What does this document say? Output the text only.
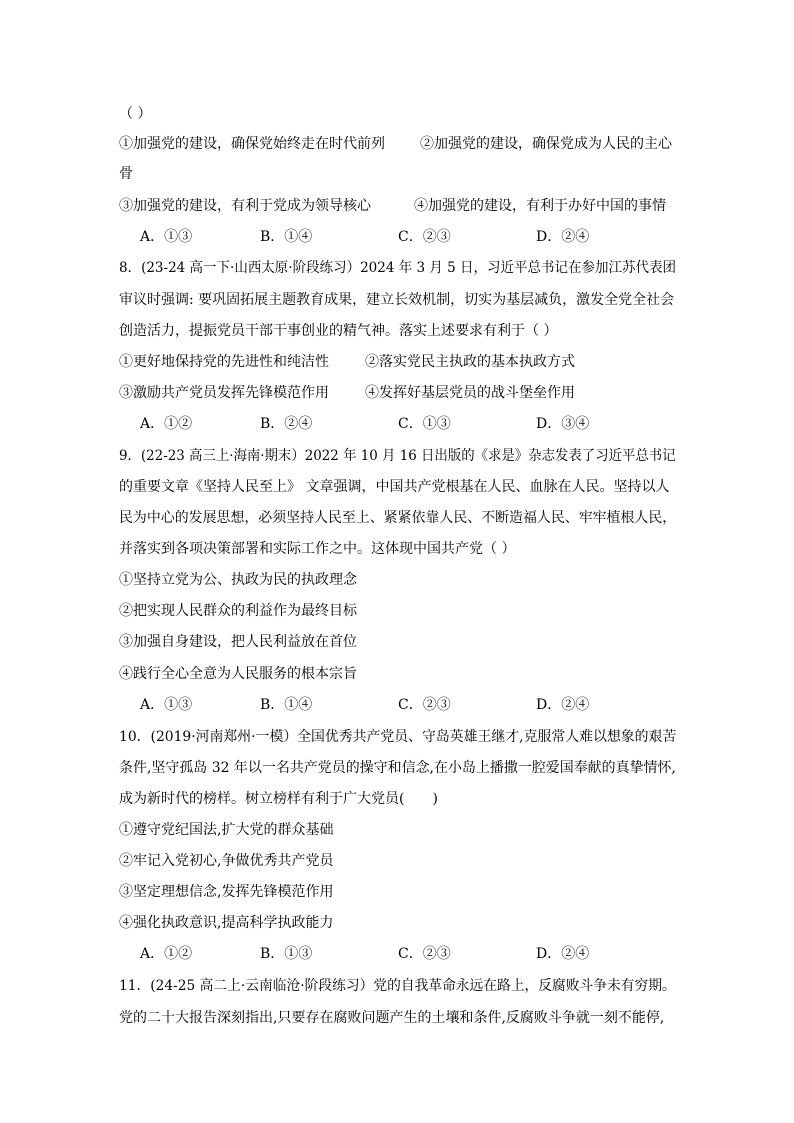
（ ）
①加强党的建设，确保党始终走在时代前列	②加强党的建设，确保党成为人民的主心
骨
③加强党的建设，有利于党成为领导核心	④加强党的建设，有利于办好中国的事情
A．①③	B．①④	C．②③	D．②④
8．(23-24 高一下·山西太原·阶段练习）2024 年 3 月 5 日，习近平总书记在参加江苏代表团
审议时强调: 要巩固拓展主题教育成果，建立长效机制，切实为基层减负，激发全党全社会
创造活力，提振党员干部干事创业的精气神。落实上述要求有利于（ ）
①更好地保持党的先进性和纯洁性	②落实党民主执政的基本执政方式
③激励共产党员发挥先锋模范作用	④发挥好基层党员的战斗堡垒作用
A．①②	B．②④	C．①③	D．③④
9．(22-23 高三上·海南·期末）2022 年 10 月 16 日出版的《求是》杂志发表了习近平总书记
的重要文章《坚持人民至上》 文章强调，中国共产党根基在人民、血脉在人民。坚持以人
民为中心的发展思想，必须坚持人民至上、紧紧依靠人民、不断造福人民、牢牢植根人民，
并落实到各项决策部署和实际工作之中。这体现中国共产党（ ）
①坚持立党为公、执政为民的执政理念
②把实现人民群众的利益作为最终目标
③加强自身建设，把人民利益放在首位
④践行全心全意为人民服务的根本宗旨
A．①③	B．①④	C．②③	D．②④
10．(2019·河南郑州·一模）全国优秀共产党员、守岛英雄王继才,克服常人难以想象的艰苦
条件,坚守孤岛 32 年以一名共产党员的操守和信念,在小岛上播撒一腔爱国奉献的真挚情怀,
成为新时代的榜样。树立榜样有利于广大党员(　　)
①遵守党纪国法,扩大党的群众基础
②牢记入党初心,争做优秀共产党员
③坚定理想信念,发挥先锋模范作用
④强化执政意识,提高科学执政能力
A．①②	B．①③	C．②③	D．②④
11．(24-25 高二上·云南临沧·阶段练习）党的自我革命永远在路上，反腐败斗争未有穷期。
党的二十大报告深刻指出,只要存在腐败问题产生的土壤和条件,反腐败斗争就一刻不能停,
